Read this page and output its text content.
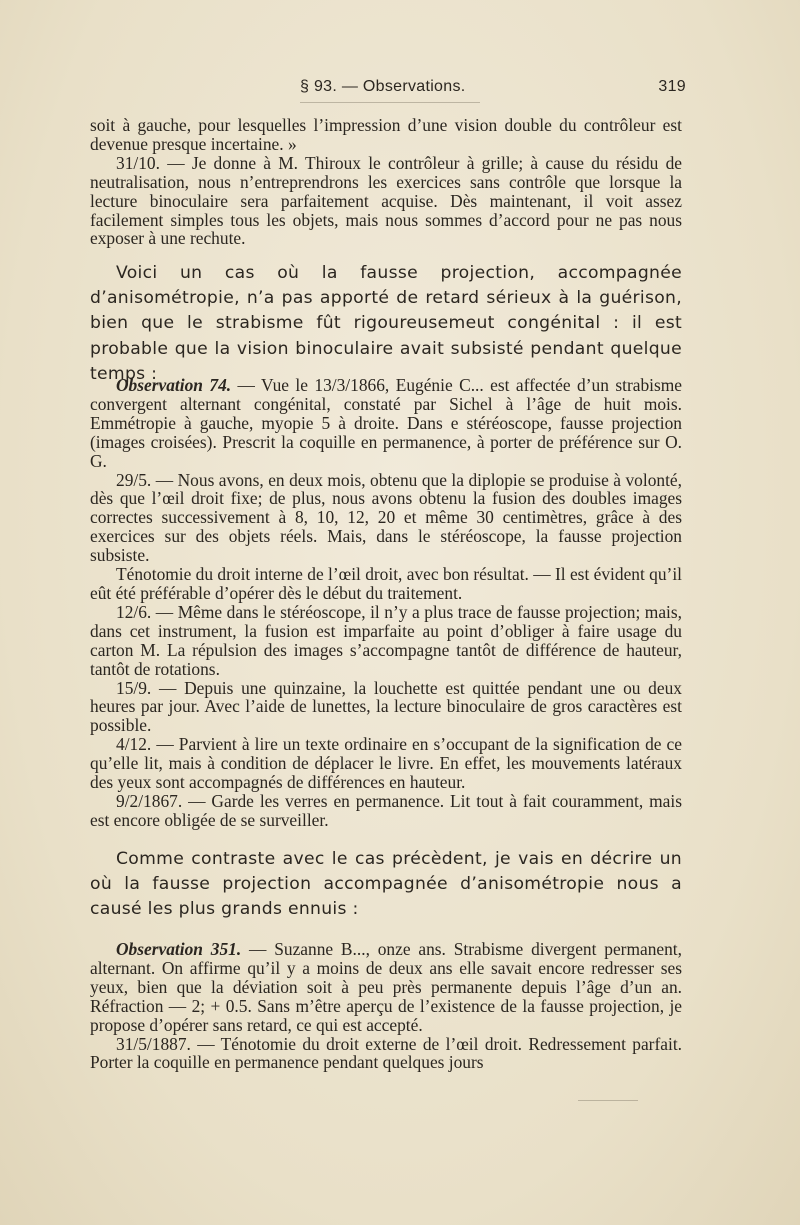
§ 93. — Observations.	319

soit à gauche, pour lesquelles l’impression d’une vision double du contrôleur est devenue presque incertaine. »

31/10. — Je donne à M. Thiroux le contrôleur à grille; à cause du résidu de neutralisation, nous n’entreprendrons les exercices sans contrôle que lorsque la lecture binoculaire sera parfaitement acquise. Dès maintenant, il voit assez facilement simples tous les objets, mais nous sommes d’accord pour ne pas nous exposer à une rechute.

Voici un cas où la fausse projection, accompagnée d’anisométropie, n’a pas apporté de retard sérieux à la guérison, bien que le strabisme fût rigoureusemeut congénital : il est probable que la vision binoculaire avait subsisté pendant quelque temps :

Observation 74. — Vue le 13/3/1866, Eugénie C... est affectée d’un strabisme convergent alternant congénital, constaté par Sichel à l’âge de huit mois. Emmétropie à gauche, myopie 5 à droite. Dans e stéréoscope, fausse projection (images croisées). Prescrit la coquille en permanence, à porter de préférence sur O. G.

29/5. — Nous avons, en deux mois, obtenu que la diplopie se produise à volonté, dès que l’œil droit fixe; de plus, nous avons obtenu la fusion des doubles images correctes successivement à 8, 10, 12, 20 et même 30 centimètres, grâce à des exercices sur des objets réels. Mais, dans le stéréoscope, la fausse projection subsiste.

Ténotomie du droit interne de l’œil droit, avec bon résultat. — Il est évident qu’il eût été préférable d’opérer dès le début du traitement.

12/6. — Même dans le stéréoscope, il n’y a plus trace de fausse projection; mais, dans cet instrument, la fusion est imparfaite au point d’obliger à faire usage du carton M. La répulsion des images s’accompagne tantôt de différence de hauteur, tantôt de rotations.

15/9. — Depuis une quinzaine, la louchette est quittée pendant une ou deux heures par jour. Avec l’aide de lunettes, la lecture binoculaire de gros caractères est possible.

4/12. — Parvient à lire un texte ordinaire en s’occupant de la signification de ce qu’elle lit, mais à condition de déplacer le livre. En effet, les mouvements latéraux des yeux sont accompagnés de différences en hauteur.

9/2/1867. — Garde les verres en permanence. Lit tout à fait couramment, mais est encore obligée de se surveiller.

Comme contraste avec le cas précèdent, je vais en décrire un où la fausse projection accompagnée d’anisométropie nous a causé les plus grands ennuis :

Observation 351. — Suzanne B..., onze ans. Strabisme divergent permanent, alternant. On affirme qu’il y a moins de deux ans elle savait encore redresser ses yeux, bien que la déviation soit à peu près permanente depuis l’âge d’un an. Réfraction — 2; + 0.5. Sans m’être aperçu de l’existence de la fausse projection, je propose d’opérer sans retard, ce qui est accepté.

31/5/1887. — Ténotomie du droit externe de l’œil droit. Redressement parfait. Porter la coquille en permanence pendant quelques jours
